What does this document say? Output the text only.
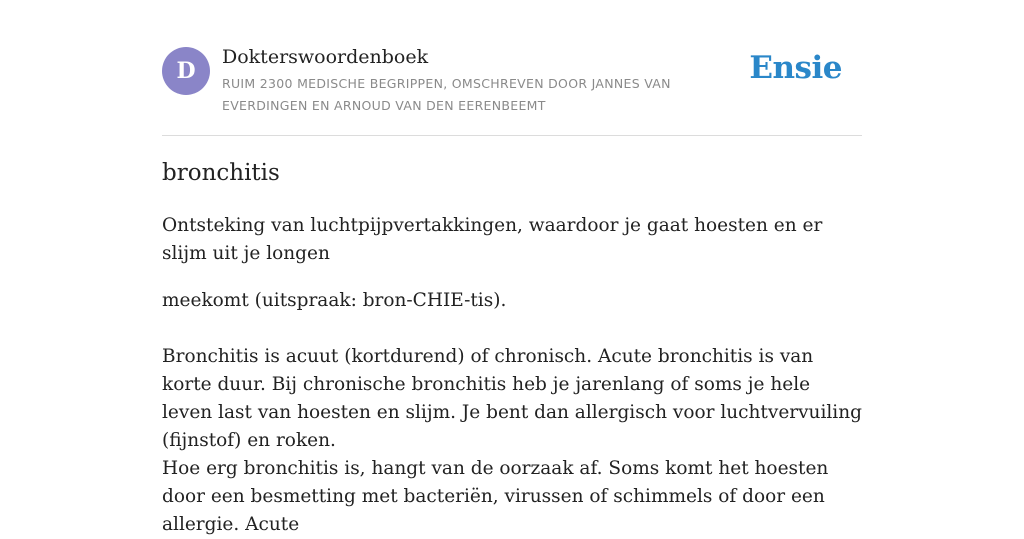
D
Dokterswoordenboek
RUIM 2300 MEDISCHE BEGRIPPEN, OMSCHREVEN DOOR JANNES VAN EVERDINGEN EN ARNOUD VAN DEN EERENBEEMT
Ensie
bronchitis

Ontsteking van luchtpijpvertakkingen, waardoor je gaat hoesten en er slijm uit je longen

meekomt (uitspraak: bron-CHIE-tis).

Bronchitis is acuut (kortdurend) of chronisch. Acute bronchitis is van korte duur. Bij chronische bronchitis heb je jarenlang of soms je hele leven last van hoesten en slijm. Je bent dan allergisch voor luchtvervuiling (fijnstof) en roken.

Hoe erg bronchitis is, hangt van de oorzaak af. Soms komt het hoesten door een besmetting met bacteriën, virussen of schimmels of door een allergie. Acute
